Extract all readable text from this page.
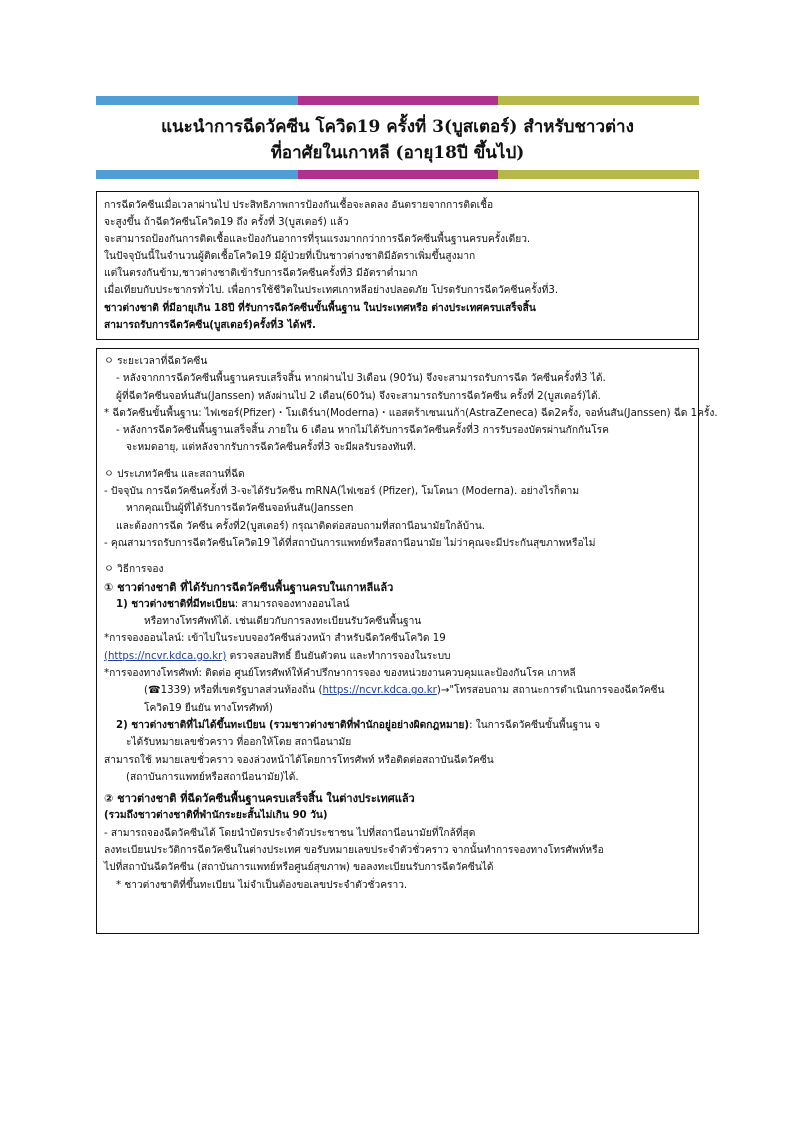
แนะนำการฉีดวัคซีน โควิด19 ครั้งที่ 3(บูสเตอร์) สำหรับชาวต่าง
ที่อาศัยในเกาหลี (อายุ18ปี ขึ้นไป)
การฉีดวัคซีนเมื่อเวลาผ่านไป ประสิทธิภาพการป้องกันเชื้อจะลดลง อันตรายจากการติดเชื้อ
จะสูงขึ้น ถ้าฉีดวัคซีนโควิด19 ถึง ครั้งที่ 3(บูสเตอร์) แล้ว
จะสามารถป้องกันการติดเชื้อและป้องกันอาการที่รุนแรงมากกว่าการฉีดวัคซีนพื้นฐานครบครั้งเดียว.
ในปัจจุบันนี้ในจำนวนผู้ติดเชื้อโควิด19 มีผู้ป่วยที่เป็นชาวต่างชาติมีอัตราเพิ่มขึ้นสูงมาก
แต่ในตรงกันข้าม,ชาวต่างชาติเข้ารับการฉีดวัคซีนครั้งที่3 มีอัตราต่ำมาก
เมื่อเทียบกับประชากรทั่วไป. เพื่อการใช้ชีวิตในประเทศเกาหลีอย่างปลอดภัย โปรดรับการฉีดวัคซีนครั้งที่3.
ชาวต่างชาติ ที่มีอายุเกิน 18ปี ที่รับการฉีดวัคซีนขั้นพื้นฐาน ในประเทศหรือ ต่างประเทศครบเสร็จสิ้น
สามารถรับการฉีดวัคซีน(บูสเตอร์)ครั้งที่3 ได้ฟรี.
ㅇ ระยะเวลาที่ฉีดวัคซีน
- หลังจากการฉีดวัคซีนพื้นฐานครบเสร็จสิ้น หากผ่านไป 3เดือน (90วัน) จึงจะสามารถรับการฉีด วัคซีนครั้งที่3 ได้.
ผู้ที่ฉีดวัคซีนจอห์นสัน(Janssen) หลังผ่านไป 2 เดือน(60วัน) จึงจะสามารถรับการฉีดวัคซีน ครั้งที่ 2(บูสเตอร์)ได้.
* ฉีดวัคซีนขั้นพื้นฐาน: ไฟเซอร์(Pfizer)・โมเดิร์นา(Moderna)・แอสตร้าเซนเนก้า(AstraZeneca) ฉีด2ครั้ง, จอห์นสัน(Janssen) ฉีด 1ครั้ง.
- หลังการฉีดวัคซีนพื้นฐานเสร็จสิ้น ภายใน 6 เดือน หากไม่ได้รับการฉีดวัคซีนครั้งที่3 การรับรองบัตรผ่านกักกันโรค
จะหมดอายุ, แต่หลังจากรับการฉีดวัคซีนครั้งที่3 จะมีผลรับรองทันที.
ㅇ ประเภทวัคซีน และสถานที่ฉีด
- ปัจจุบัน การฉีดวัคซีนครั้งที่ 3-จะได้รับวัคซีน mRNA(ไฟเซอร์ (Pfizer), โมโดนา (Moderna). อย่างไรก็ตาม
หากคุณเป็นผู้ที่ได้รับการฉีดวัคซีนจอห์นสัน(Janssen
และต้องการฉีด วัคซีน ครั้งที่2(บูสเตอร์) กรุณาติดต่อสอบถามที่สถานีอนามัยใกล้บ้าน.
- คุณสามารถรับการฉีดวัคซีนโควิด19 ได้ที่สถาบันการแพทย์หรือสถานีอนามัย ไม่ว่าคุณจะมีประกันสุขภาพหรือไม่
ㅇ วิธีการจอง
① ชาวต่างชาติ ที่ได้รับการฉีดวัคซีนพื้นฐานครบในเกาหลีแล้ว
1) ชาวต่างชาติที่มีทะเบียน: สามารถจองทางออนไลน์
หรือทางโทรศัพท์ได้. เช่นเดียวกับการลงทะเบียนรับวัคซีนพื้นฐาน
*การจองออนไลน์: เข้าไปในระบบจองวัคซีนล่วงหน้า สำหรับฉีดวัคซีนโควิด 19
(https://ncvr.kdca.go.kr) ตรวจสอบสิทธิ์ ยืนยันตัวตน และทำการจองในระบบ
*การจองทางโทรศัพท์: ติดต่อ ศูนย์โทรศัพท์ให้คำปรึกษาการจอง ของหน่วยงานควบคุมและป้องกันโรค เกาหลี
(☎1339) หรือที่เขตรัฐบาลส่วนท้องถิ่น (https://ncvr.kdca.go.kr)→"โทรสอบถาม สถานะการดำเนินการจองฉีดวัคซีน
โควิด19 ยืนยัน ทางโทรศัพท์)
2) ชาวต่างชาติที่ไม่ได้ขึ้นทะเบียน (รวมชาวต่างชาติที่พำนักอยู่อย่างผิดกฎหมาย): ในการฉีดวัคซีนขั้นพื้นฐาน จ
ะได้รับหมายเลขชั่วคราว ที่ออกให้โดย สถานีอนามัย
สามารถใช้ หมายเลขชั่วคราว จองล่วงหน้าได้โดยการโทรศัพท์ หรือติดต่อสถาบันฉีดวัคซีน
(สถาบันการแพทย์หรือสถานีอนามัย)ได้.
② ชาวต่างชาติ ที่ฉีดวัคซีนพื้นฐานครบเสร็จสิ้น ในต่างประเทศแล้ว
(รวมถึงชาวต่างชาติที่พำนักระยะสั้นไม่เกิน 90 วัน)
- สามารถจองฉีดวัคซีนได้ โดยนำบัตรประจำตัวประชาชน ไปที่สถานีอนามัยที่ใกล้ที่สุด
ลงทะเบียนประวัติการฉีดวัคซีนในต่างประเทศ ขอรับหมายเลขประจำตัวชั่วคราว จากนั้นทำการจองทางโทรศัพท์หรือ
ไปที่สถาบันฉีดวัคซีน (สถาบันการแพทย์หรือศูนย์สุขภาพ) ขอลงทะเบียนรับการฉีดวัคซีนได้
* ชาวต่างชาติที่ขึ้นทะเบียน ไม่จำเป็นต้องขอเลขประจำตัวชั่วคราว.
